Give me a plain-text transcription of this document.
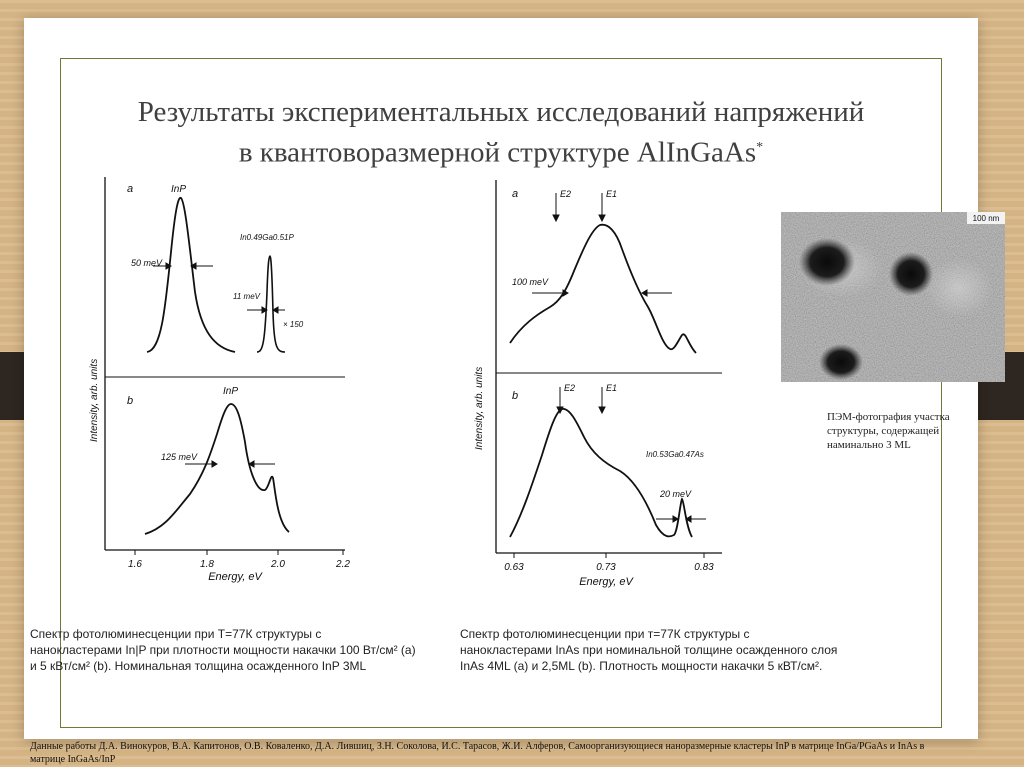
Результаты экспериментальных исследований напряжений
в квантоворазмерной структуре AlInGaAs*
1.6	1.8	2.0	2.2
Energy, eV
Intensity, arb. units
a	InP
In0.49Ga0.51P
50 meV
11 meV
× 150
b
InP
125 meV
0.63	0.73	0.83
Energy, eV
Intensity, arb. units
a	E2	E1
100 meV
b
E2	E1
In0.53Ga0.47As
20 meV
100 nm
ПЭМ-фотография участка структуры, содержащей наминально 3 ML
Спектр фотолюминесценции при Т=77К структуры с нанокластерами In|P при плотности мощности накачки 100 Вт/см² (a) и 5 кВт/см² (b). Номинальная толщина осажденного InP 3ML
Спектр фотолюминесценции при т=77К структуры с нанокластерами InAs при номинальной толщине осажденного слоя InAs 4ML (a) и 2,5ML (b). Плотность мощности накачки 5 кВТ/см².
Данные работы Д.А. Винокуров, В.А. Капитонов, О.В. Коваленко, Д.А. Лившиц, З.Н. Соколова, И.С. Тарасов, Ж.И. Алферов, Самоорганизующиеся наноразмерные кластеры InP в матрице InGa/PGaAs и InAs в матрице InGaAs/InP
